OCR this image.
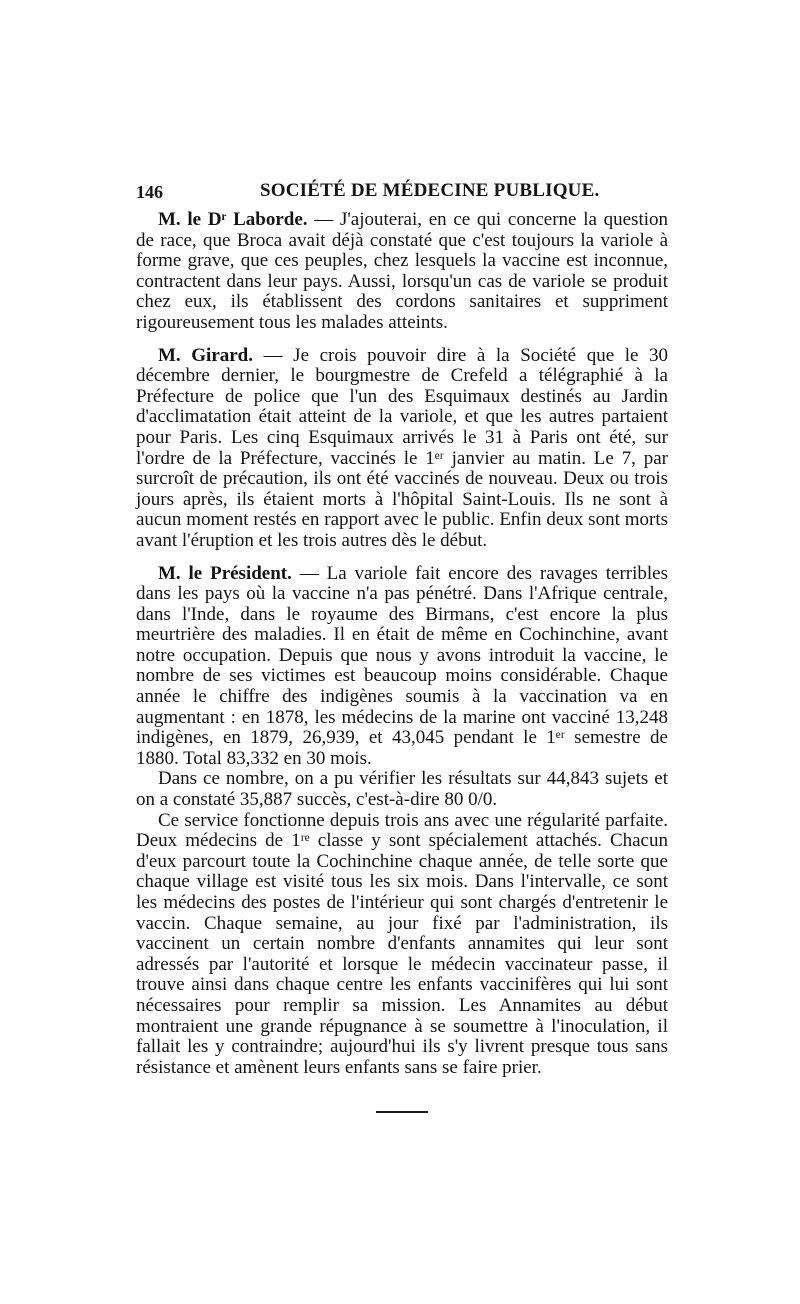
146	SOCIÉTÉ DE MÉDECINE PUBLIQUE.

M. le Dʳ Laborde. — J'ajouterai, en ce qui concerne la question de race, que Broca avait déjà constaté que c'est toujours la variole à forme grave, que ces peuples, chez lesquels la vaccine est inconnue, contractent dans leur pays. Aussi, lorsqu'un cas de variole se produit chez eux, ils établissent des cordons sanitaires et suppriment rigoureusement tous les malades atteints.

M. Girard. — Je crois pouvoir dire à la Société que le 30 décembre dernier, le bourgmestre de Crefeld a télégraphié à la Préfecture de police que l'un des Esquimaux destinés au Jardin d'acclimatation était atteint de la variole, et que les autres partaient pour Paris. Les cinq Esquimaux arrivés le 31 à Paris ont été, sur l'ordre de la Préfecture, vaccinés le 1ᵉʳ janvier au matin. Le 7, par surcroît de précaution, ils ont été vaccinés de nouveau. Deux ou trois jours après, ils étaient morts à l'hôpital Saint-Louis. Ils ne sont à aucun moment restés en rapport avec le public. Enfin deux sont morts avant l'éruption et les trois autres dès le début.

M. le Président. — La variole fait encore des ravages terribles dans les pays où la vaccine n'a pas pénétré. Dans l'Afrique centrale, dans l'Inde, dans le royaume des Birmans, c'est encore la plus meurtrière des maladies. Il en était de même en Cochinchine, avant notre occupation. Depuis que nous y avons introduit la vaccine, le nombre de ses victimes est beaucoup moins considérable. Chaque année le chiffre des indigènes soumis à la vaccination va en augmentant : en 1878, les médecins de la marine ont vacciné 13,248 indigènes, en 1879, 26,939, et 43,045 pendant le 1ᵉʳ semestre de 1880. Total 83,332 en 30 mois.

Dans ce nombre, on a pu vérifier les résultats sur 44,843 sujets et on a constaté 35,887 succès, c'est-à-dire 80 0/0.

Ce service fonctionne depuis trois ans avec une régularité parfaite. Deux médecins de 1ʳᵉ classe y sont spécialement attachés. Chacun d'eux parcourt toute la Cochinchine chaque année, de telle sorte que chaque village est visité tous les six mois. Dans l'intervalle, ce sont les médecins des postes de l'intérieur qui sont chargés d'entretenir le vaccin. Chaque semaine, au jour fixé par l'administration, ils vaccinent un certain nombre d'enfants annamites qui leur sont adressés par l'autorité et lorsque le médecin vaccinateur passe, il trouve ainsi dans chaque centre les enfants vaccinifères qui lui sont nécessaires pour remplir sa mission. Les Annamites au début montraient une grande répugnance à se soumettre à l'inoculation, il fallait les y contraindre; aujourd'hui ils s'y livrent presque tous sans résistance et amènent leurs enfants sans se faire prier.
